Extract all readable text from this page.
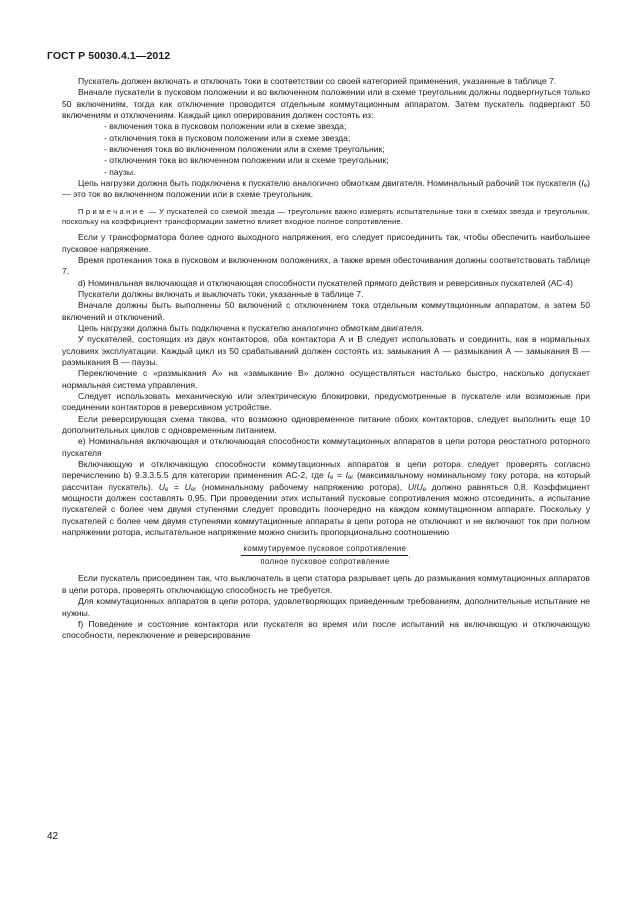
ГОСТ Р 50030.4.1—2012

Пускатель должен включать и отключать токи в соответствии со своей категорией применения, указанные в таблице 7.

Вначале пускатели в пусковом положении и во включенном положении или в схеме треугольник должны подвергнуться только 50 включениям, тогда как отключение проводится отдельным коммутационным аппаратом. Затем пускатель подвергают 50 включениям и отключениям. Каждый цикл оперирования должен состоять из:

- включения тока в пусковом положении или в схеме звезда;

- отключения тока в пусковом положении или в схеме звезда;

- включения тока во включенном положении или в схеме треугольник;

- отключения тока во включенном положении или в схеме треугольник;

- паузы.

Цепь нагрузки должна быть подключена к пускателю аналогично обмоткам двигателя. Номинальный рабочий ток пускателя $(I_e)$ — это ток во включенном положении или в схеме треугольник.

Примечание — У пускателей со схемой звезда — треугольник важно измерять испытательные токи в схемах звезда и треугольник, поскольку на коэффициент трансформации заметно влияет входное полное сопротивление.

Если у трансформатора более одного выходного напряжения, его следует присоединить так, чтобы обеспечить наибольшее пусковое напряжение.

Время протекания тока в пусковом и включенном положениях, а также время обесточивания должны соответствовать таблице 7.

d) Номинальная включающая и отключающая способности пускателей прямого действия и реверсивных пускателей (АС-4)

Пускатели должны включать и выключать токи, указанные в таблице 7.

Вначале должны быть выполнены 50 включений с отключением тока отдельным коммутационным аппаратом, а затем 50 включений и отключений.

Цепь нагрузки должна быть подключена к пускателю аналогично обмоткам двигателя.

У пускателей, состоящих из двух контакторов, оба контактора А и В следует использовать и соединить, как в нормальных условиях эксплуатации. Каждый цикл из 50 срабатываний должен состоять из: замыкания А — размыкания А — замыкания В — размыкания В — паузы.

Переключение с «размыкания А» на «замыкание В» должно осуществляться настолько быстро, насколько допускает нормальная система управления.

Следует использовать механическую или электрическую блокировки, предусмотренные в пускателе или возможные при соединении контакторов в реверсивном устройстве.

Если реверсирующая схема такова, что возможно одновременное питание обоих контакторов, следует выполнить еще 10 дополнительных циклов с одновременным питанием.

е) Номинальная включающая и отключающая способности коммутационных аппаратов в цепи ротора реостатного роторного пускателя

Включающую и отключающую способности коммутационных аппаратов в цепи ротора следует проверять согласно перечислению b) 9.3.3.5.5 для категории применения АС-2, где $I_e = I_{er}$ (максимальному номинальному току ротора, на который рассчитан пускатель). $U_e = U_{er}$ (номинальному рабочему напряжению ротора), $U/U_e$ должно равняться 0,8. Коэффициент мощности должен составлять 0,95. При проведении этих испытаний пусковые сопротивления можно отсоединить, а испытание пускателей с более чем двумя ступенями следует проводить поочередно на каждом коммутационном аппарате. Поскольку у пускателей с более чем двумя ступенями коммутационные аппараты в цепи ротора не отключают и не включают ток при полном напряжении ротора, испытательное напряжение можно снизить пропорционально соотношению

$\frac{\text{коммутируемое пусковое сопротивление}}{\text{полное пусковое сопротивление}}$ .

Если пускатель присоединен так, что выключатель в цепи статора разрывает цепь до размыкания коммутационных аппаратов в цепи ротора, проверять отключающую способность не требуется.

Для коммутационных аппаратов в цепи ротора, удовлетворяющих приведенным требованиям, дополнительные испытание не нужны.

f) Поведение и состояние контактора или пускателя во время или после испытаний на включающую и отключающую способности, переключение и реверсирование

42
